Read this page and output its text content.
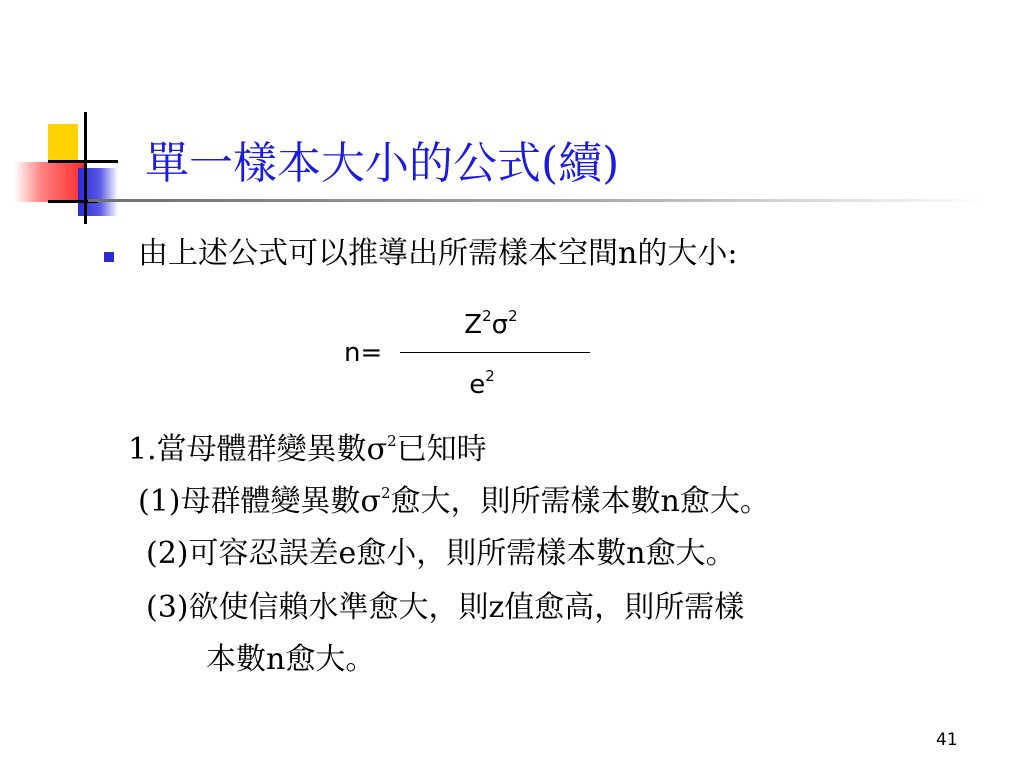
單一樣本大小的公式(續)
由上述公式可以推導出所需樣本空間n的大小:
n=
$Z^2\sigma^2$
$e^2$
1.當母體群變異數$\sigma^2$已知時
(1)母群體變異數$\sigma^2$愈大，則所需樣本數n愈大。
(2)可容忍誤差e愈小，則所需樣本數n愈大。
(3)欲使信賴水準愈大，則z值愈高，則所需樣
本數n愈大。
41
